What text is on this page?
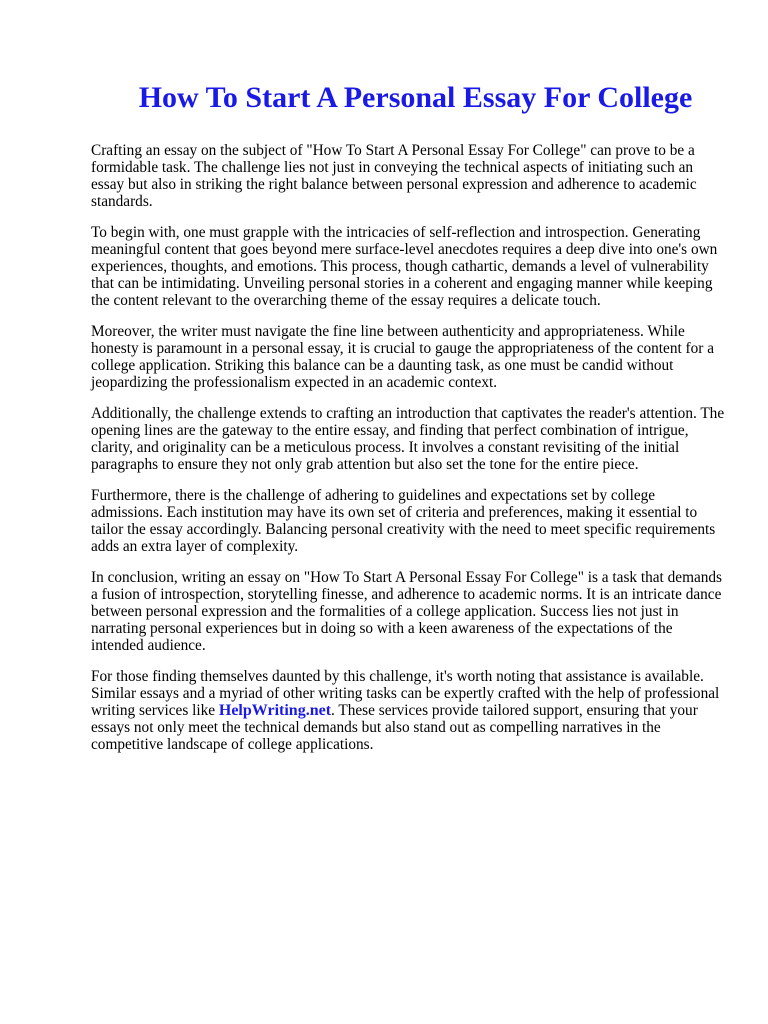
How To Start A Personal Essay For College

Crafting an essay on the subject of "How To Start A Personal Essay For College" can prove to be a formidable task. The challenge lies not just in conveying the technical aspects of initiating such an essay but also in striking the right balance between personal expression and adherence to academic standards.

To begin with, one must grapple with the intricacies of self-reflection and introspection. Generating meaningful content that goes beyond mere surface-level anecdotes requires a deep dive into one's own experiences, thoughts, and emotions. This process, though cathartic, demands a level of vulnerability that can be intimidating. Unveiling personal stories in a coherent and engaging manner while keeping the content relevant to the overarching theme of the essay requires a delicate touch.

Moreover, the writer must navigate the fine line between authenticity and appropriateness. While honesty is paramount in a personal essay, it is crucial to gauge the appropriateness of the content for a college application. Striking this balance can be a daunting task, as one must be candid without jeopardizing the professionalism expected in an academic context.

Additionally, the challenge extends to crafting an introduction that captivates the reader's attention. The opening lines are the gateway to the entire essay, and finding that perfect combination of intrigue, clarity, and originality can be a meticulous process. It involves a constant revisiting of the initial paragraphs to ensure they not only grab attention but also set the tone for the entire piece.

Furthermore, there is the challenge of adhering to guidelines and expectations set by college admissions. Each institution may have its own set of criteria and preferences, making it essential to tailor the essay accordingly. Balancing personal creativity with the need to meet specific requirements adds an extra layer of complexity.

In conclusion, writing an essay on "How To Start A Personal Essay For College" is a task that demands a fusion of introspection, storytelling finesse, and adherence to academic norms. It is an intricate dance between personal expression and the formalities of a college application. Success lies not just in narrating personal experiences but in doing so with a keen awareness of the expectations of the intended audience.

For those finding themselves daunted by this challenge, it's worth noting that assistance is available. Similar essays and a myriad of other writing tasks can be expertly crafted with the help of professional writing services like HelpWriting.net. These services provide tailored support, ensuring that your essays not only meet the technical demands but also stand out as compelling narratives in the competitive landscape of college applications.
